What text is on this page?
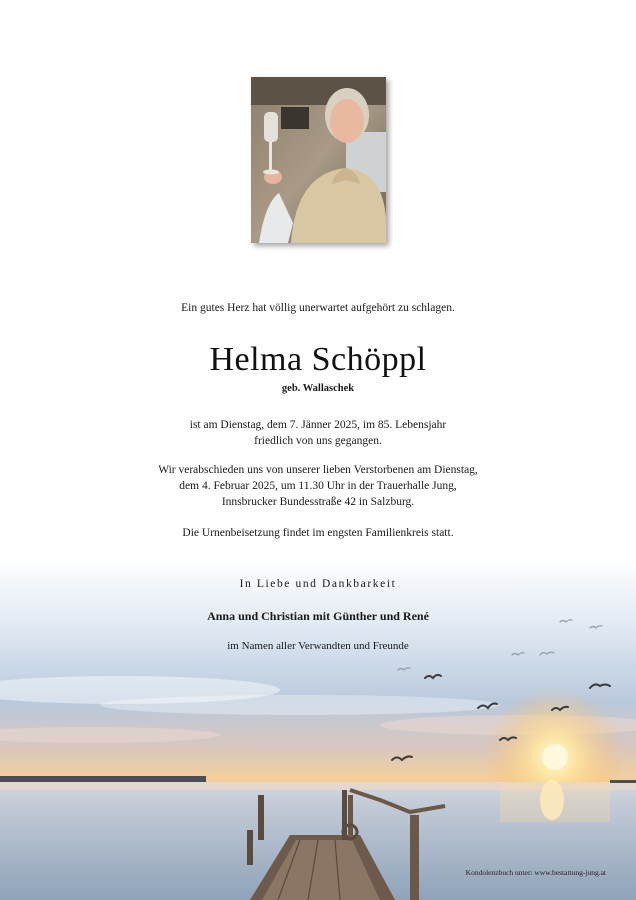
Ein gutes Herz hat völlig unerwartet aufgehört zu schlagen.
Helma Schöppl
geb. Wallaschek
ist am Dienstag, dem 7. Jänner 2025, im 85. Lebensjahr
friedlich von uns gegangen.
Wir verabschieden uns von unserer lieben Verstorbenen am Dienstag,
dem 4. Februar 2025, um 11.30 Uhr in der Trauerhalle Jung,
Innsbrucker Bundesstraße 42 in Salzburg.
Die Urnenbeisetzung findet im engsten Familienkreis statt.
In Liebe und Dankbarkeit
Anna und Christian mit Günther und René
im Namen aller Verwandten und Freunde
Kondolenzbuch unter: www.bestattung-jung.at
